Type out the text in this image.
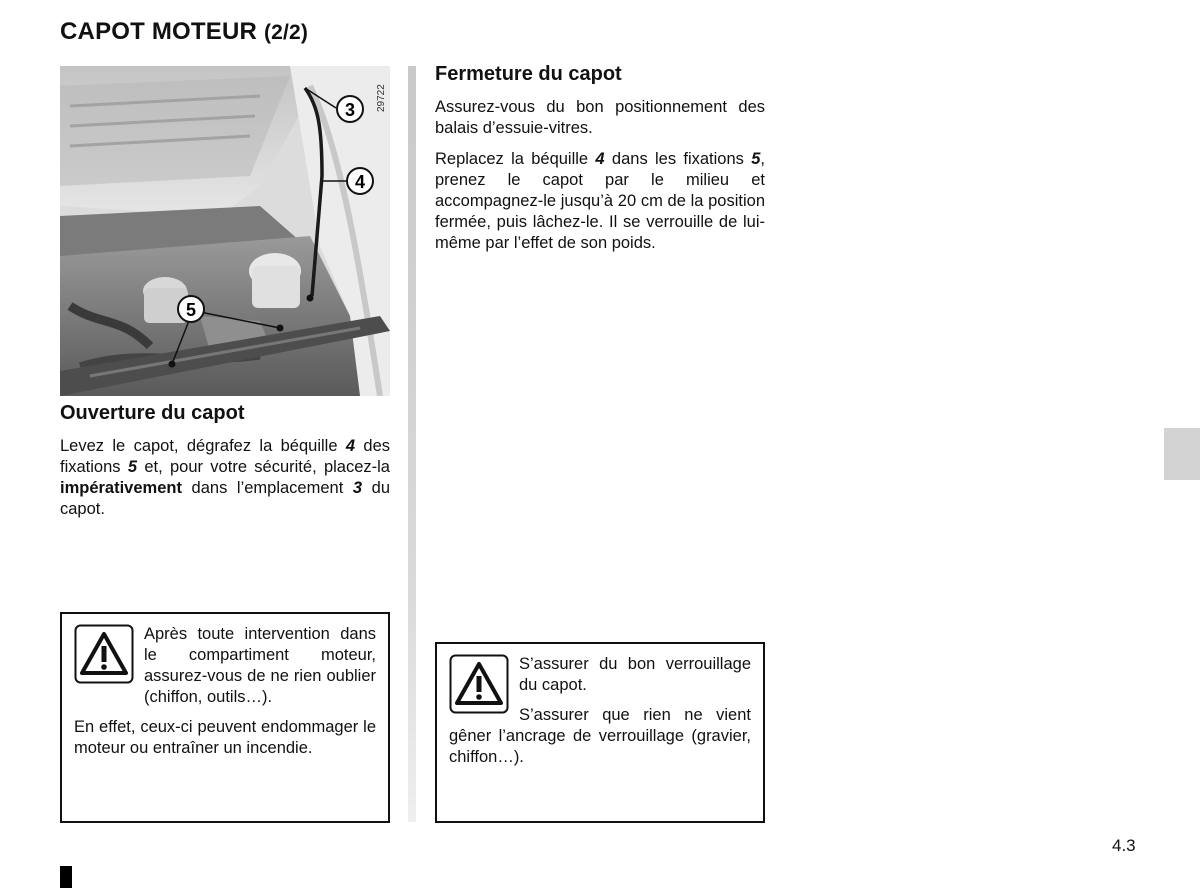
CAPOT MOTEUR (2/2)
3
4
5
29722
Ouverture du capot

Levez le capot, dégrafez la béquille 4 des fixations 5 et, pour votre sécurité, placez-la impérativement dans l’emplacement 3 du capot.

Après toute intervention dans le compartiment moteur, assurez-vous de ne rien oublier (chiffon, outils…).

En effet, ceux-ci peuvent endommager le moteur ou entraîner un incendie.

Fermeture du capot

Assurez-vous du bon positionnement des balais d’essuie-vitres.

Replacez la béquille 4 dans les fixations 5, prenez le capot par le milieu et accompagnez-le jusqu’à 20 cm de la position fermée, puis lâchez-le. Il se verrouille de lui-même par l’effet de son poids.

S’assurer du bon verrouillage du capot.

S’assurer que rien ne vient gêner l’ancrage de verrouillage (gravier, chiffon…).

4.3
